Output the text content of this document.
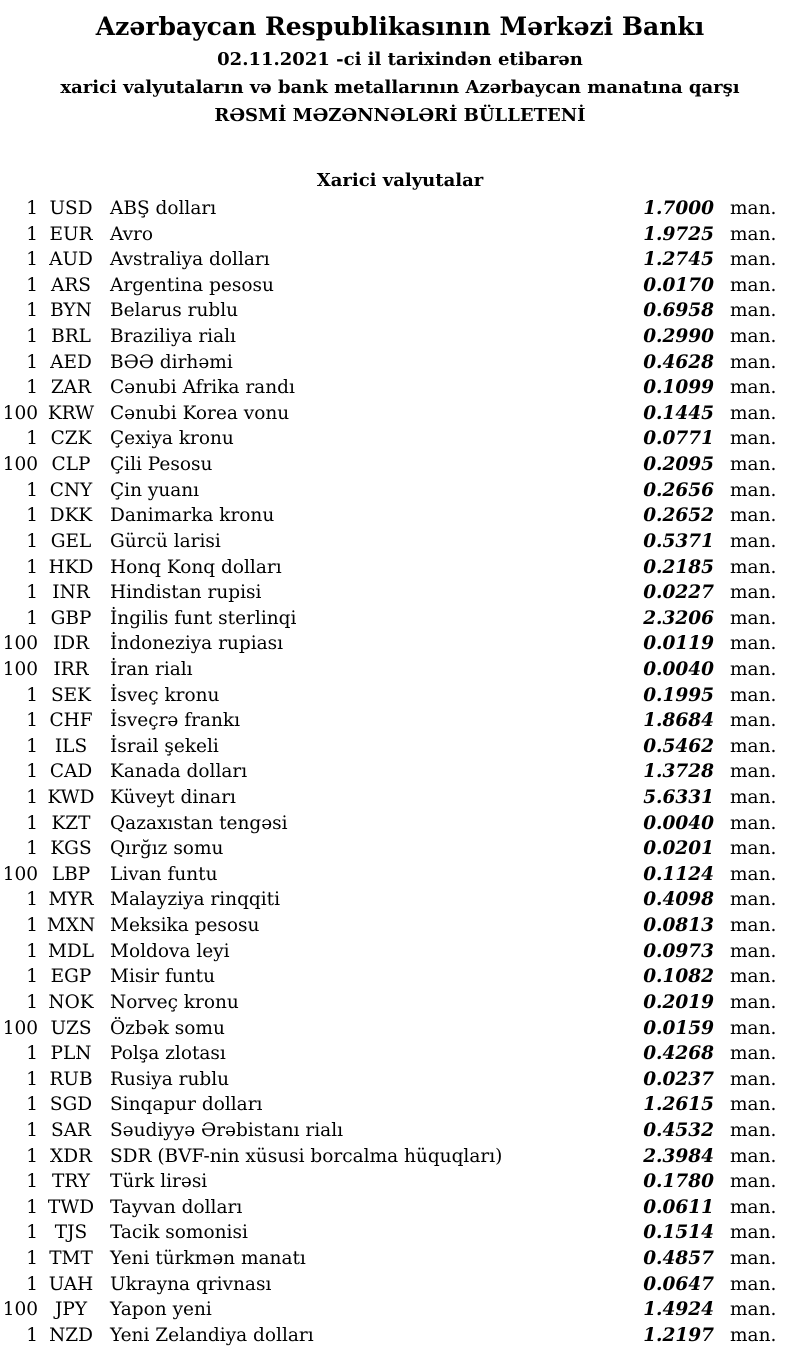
Azərbaycan Respublikasının Mərkəzi Bankı
02.11.2021 -ci il tarixindən etibarən
xarici valyutaların və bank metallarının Azərbaycan manatına qarşı
RƏSMİ MƏZƏNNƏLƏRİ BÜLLETENİ
Xarici valyutalar
1 USD ABŞ dolları	1.7000 man.
1 EUR Avro	1.9725 man.
1 AUD Avstraliya dolları	1.2745 man.
1 ARS	Argentina pesosu	0.0170 man.
1 BYN Belarus rublu	0.6958 man.
1 BRL	Braziliya rialı	0.2990 man.
1 AED BƏƏ dirhəmi	0.4628 man.
1 ZAR	Cənubi Afrika randı	0.1099 man.
100 KRW Cənubi Korea vonu	0.1445 man.
1 CZK	Çexiya kronu	0.0771 man.
100 CLP	Çili Pesosu	0.2095 man.
1 CNY Çin yuanı	0.2656 man.
1 DKK Danimarka kronu	0.2652 man.
1 GEL	Gürcü larisi	0.5371 man.
1 HKD Honq Konq dolları	0.2185 man.
1 INR	Hindistan rupisi	0.0227 man.
1 GBP	İngilis funt sterlinqi	2.3206 man.
100 IDR	İndoneziya rupiası	0.0119 man.
100 IRR	İran rialı	0.0040 man.
1 SEK	İsveç kronu	0.1995 man.
1 CHF İsveçrə frankı	1.8684 man.
1 ILS	İsrail şekeli	0.5462 man.
1 CAD Kanada dolları	1.3728 man.
1 KWD Küveyt dinarı	5.6331 man.
1 KZT	Qazaxıstan tengəsi	0.0040 man.
1 KGS Qırğız somu	0.0201 man.
100 LBP	Livan funtu	0.1124 man.
1 MYR Malayziya rinqqiti	0.4098 man.
1 MXN Meksika pesosu	0.0813 man.
1 MDL Moldova leyi	0.0973 man.
1 EGP	Misir funtu	0.1082 man.
1 NOK Norveç kronu	0.2019 man.
100 UZS Özbək somu	0.0159 man.
1 PLN	Polşa zlotası	0.4268 man.
1 RUB Rusiya rublu	0.0237 man.
1 SGD Sinqapur dolları	1.2615 man.
1 SAR	Səudiyyə Ərəbistanı rialı	0.4532 man.
1 XDR SDR (BVF-nin xüsusi borcalma hüquqları)	2.3984 man.
1 TRY	Türk lirəsi	0.1780 man.
1 TWD Tayvan dolları	0.0611 man.
1 TJS	Tacik somonisi	0.1514 man.
1 TMT Yeni türkmən manatı	0.4857 man.
1 UAH Ukrayna qrivnası	0.0647 man.
100 JPY	Yapon yeni	1.4924 man.
1 NZD Yeni Zelandiya dolları	1.2197 man.
